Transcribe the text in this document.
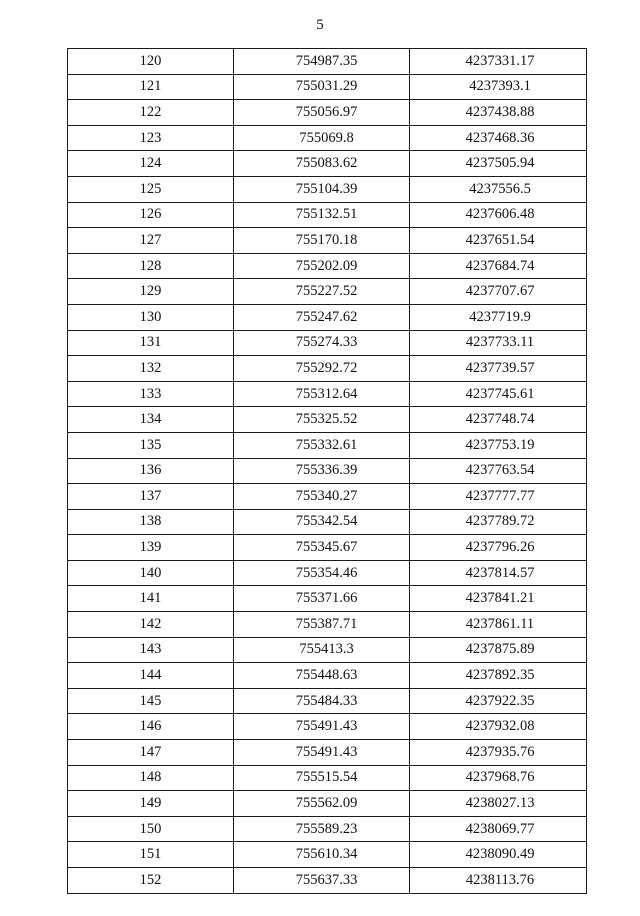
5
120	754987.35	4237331.17
121	755031.29	4237393.1
122	755056.97	4237438.88
123	755069.8	4237468.36
124	755083.62	4237505.94
125	755104.39	4237556.5
126	755132.51	4237606.48
127	755170.18	4237651.54
128	755202.09	4237684.74
129	755227.52	4237707.67
130	755247.62	4237719.9
131	755274.33	4237733.11
132	755292.72	4237739.57
133	755312.64	4237745.61
134	755325.52	4237748.74
135	755332.61	4237753.19
136	755336.39	4237763.54
137	755340.27	4237777.77
138	755342.54	4237789.72
139	755345.67	4237796.26
140	755354.46	4237814.57
141	755371.66	4237841.21
142	755387.71	4237861.11
143	755413.3	4237875.89
144	755448.63	4237892.35
145	755484.33	4237922.35
146	755491.43	4237932.08
147	755491.43	4237935.76
148	755515.54	4237968.76
149	755562.09	4238027.13
150	755589.23	4238069.77
151	755610.34	4238090.49
152	755637.33	4238113.76
